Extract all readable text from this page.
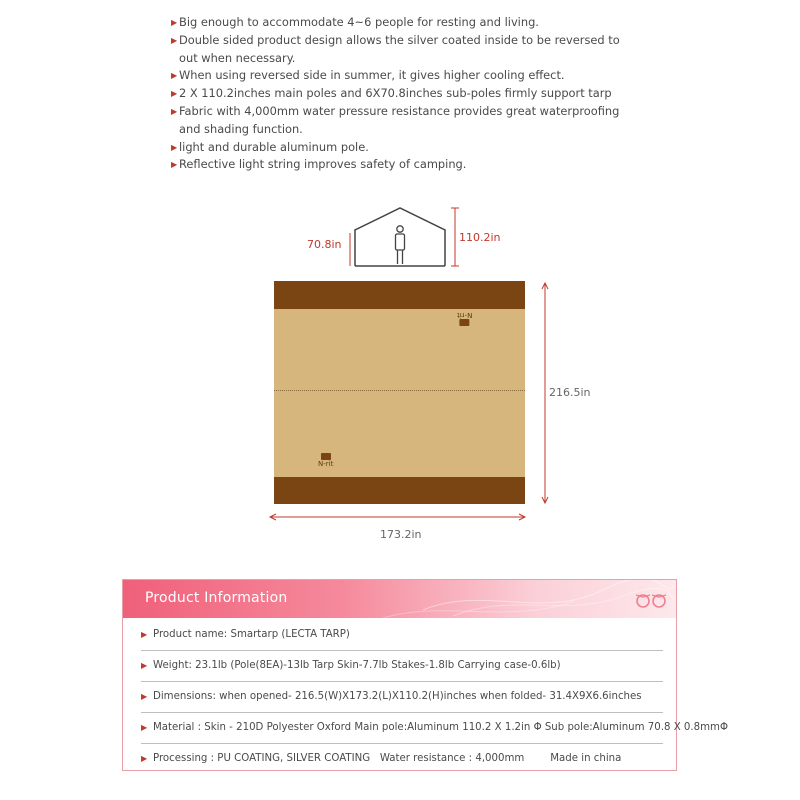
▶ Big enough to accommodate 4~6 people for resting and living.
▶ Double sided product design allows the silver coated inside to be reversed to out when necessary.
▶ When using reversed side in summer, it gives higher cooling effect.
▶ 2 X 110.2inches main poles and 6X70.8inches sub-poles firmly support tarp
▶ Fabric with 4,000mm water pressure resistance provides great waterproofing and shading function.
▶ light and durable aluminum pole.
▶ Reflective light string improves safety of camping.
70.8in
110.2in
216.5in
173.2in
N-rit
N-rit
Product Information
▶ Product name: Smartarp (LECTA TARP)
▶ Weight: 23.1lb (Pole(8EA)-13lb Tarp Skin-7.7lb Stakes-1.8lb Carrying case-0.6lb)
▶ Dimensions: when opened- 216.5(W)X173.2(L)X110.2(H)inches when folded- 31.4X9X6.6inches
▶ Material : Skin - 210D Polyester Oxford Main pole:Aluminum 110.2 X 1.2in Φ Sub pole:Aluminum 70.8 X 0.8mmΦ
▶ Processing : PU COATING, SILVER COATING   Water resistance : 4,000mm        Made in china
